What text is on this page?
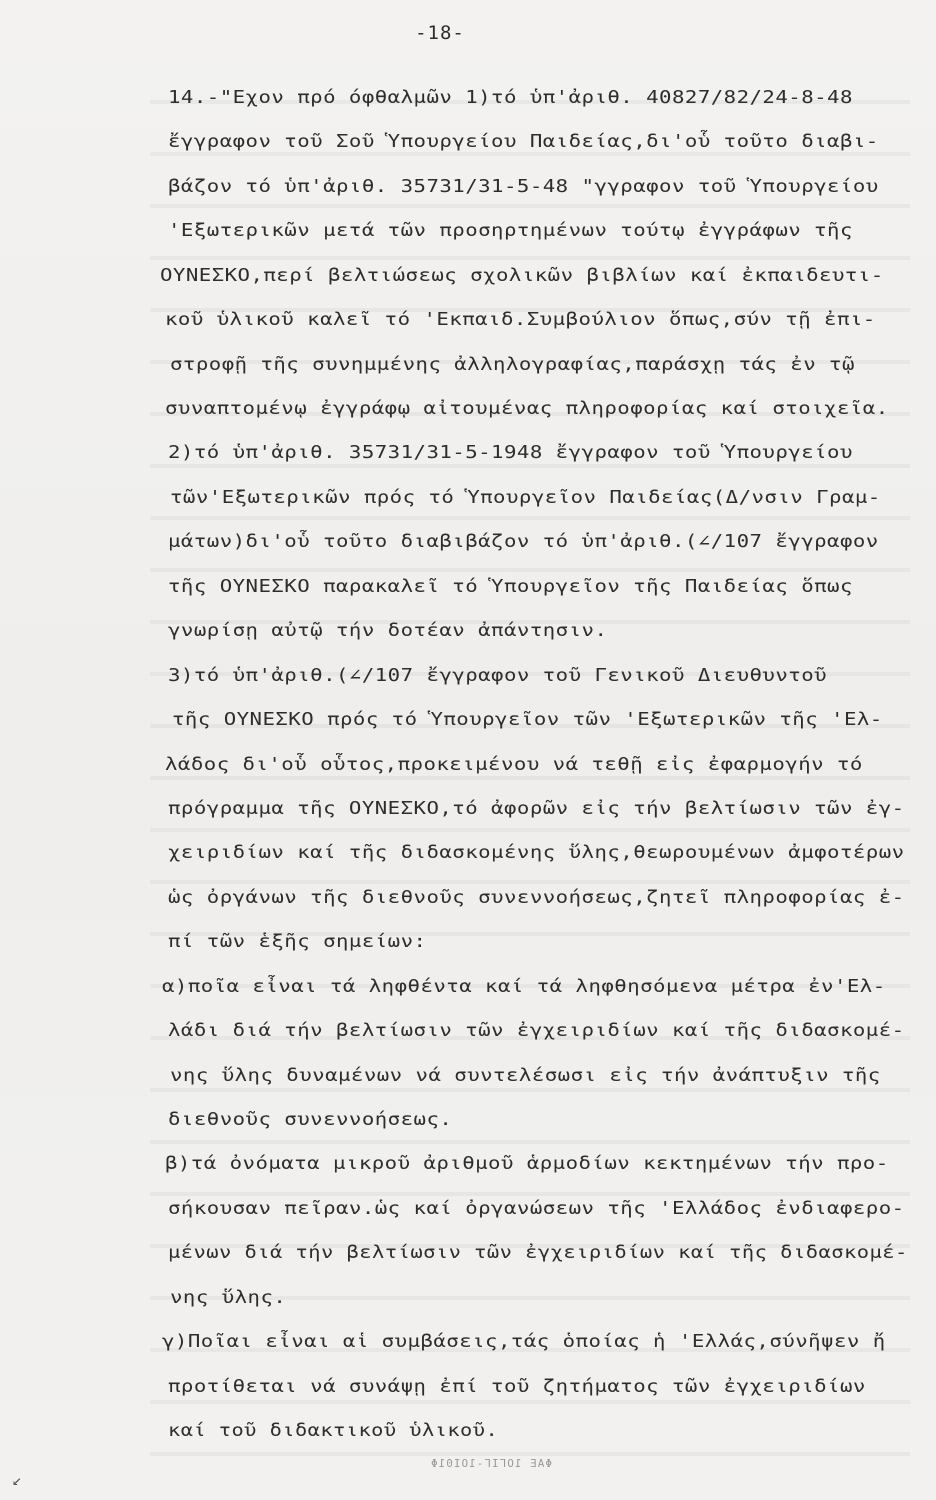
-18-
14.-"Εχον πρό όφθαλμῶν 1)τό ὑπ'ἀριθ. 40827/82/24-8-48
ἔγγραφον τοῦ Σοῦ Ὑπουργείου Παιδείας,δι'οὗ τοῦτο διαβι-
βάζον τό ὑπ'ἀριθ. 35731/31-5-48 "γγραφον τοῦ Ὑπουργείου
'Εξωτερικῶν μετά τῶν προσηρτημένων τούτῳ ἐγγράφων τῆς
ΟΥΝΕΣΚΟ,περί βελτιώσεως σχολικῶν βιβλίων καί ἐκπαιδευτι-
κοῦ ὑλικοῦ καλεῖ τό 'Εκπαιδ.Συμβούλιον ὅπως,σύν τῇ ἐπι-
στροφῇ τῆς συνημμένης ἀλληλογραφίας,παράσχῃ τάς ἐν τῷ
συναπτομένῳ ἐγγράφῳ αἰτουμένας πληροφορίας καί στοιχεῖα.
2)τό ὑπ'ἀριθ. 35731/31-5-1948 ἔγγραφον τοῦ Ὑπουργείου
τῶν'Εξωτερικῶν πρός τό Ὑπουργεῖον Παιδείας(Δ/νσιν Γραμ-
μάτων)δι'οὗ τοῦτο διαβιβάζον τό ὑπ'ἀριθ.(∠/107 ἔγγραφον
τῆς ΟΥΝΕΣΚΟ παρακαλεῖ τό Ὑπουργεῖον τῆς Παιδείας ὅπως
γνωρίσῃ αὐτῷ τήν δοτέαν ἀπάντησιν.
3)τό ὑπ'ἀριθ.(∠/107 ἔγγραφον τοῦ Γενικοῦ Διευθυντοῦ
τῆς ΟΥΝΕΣΚΟ πρός τό Ὑπουργεῖον τῶν 'Εξωτερικῶν τῆς 'Ελ-
λάδος δι'οὗ οὗτος,προκειμένου νά τεθῇ εἰς ἐφαρμογήν τό
πρόγραμμα τῆς ΟΥΝΕΣΚΟ,τό ἀφορῶν εἰς τήν βελτίωσιν τῶν ἐγ-
χειριδίων καί τῆς διδασκομένης ὕλης,θεωρουμένων ἀμφοτέρων
ὡς ὀργάνων τῆς διεθνοῦς συνεννοήσεως,ζητεῖ πληροφορίας ἐ-
πί τῶν ἑξῆς σημείων:
α)ποῖα εἶναι τά ληφθέντα καί τά ληφθησόμενα μέτρα ἐν'Ελ-
λάδι διά τήν βελτίωσιν τῶν ἐγχειριδίων καί τῆς διδασκομέ-
νης ὕλης δυναμένων νά συντελέσωσι εἰς τήν ἀνάπτυξιν τῆς
διεθνοῦς συνεννοήσεως.
β)τά ὀνόματα μικροῦ ἀριθμοῦ ἁρμοδίων κεκτημένων τήν προ-
σήκουσαν πεῖραν.ὡς καί ὀργανώσεων τῆς 'Ελλάδος ἐνδιαφερο-
μένων διά τήν βελτίωσιν τῶν ἐγχειριδίων καί τῆς διδασκομέ-
νης ὕλης.
γ)Ποῖαι εἶναι αἱ συμβάσεις,τάς ὁποίας ἡ 'Ελλάς,σύνῆψεν ἤ
προτίθεται νά συνάψῃ ἐπί τοῦ ζητήματος τῶν ἐγχειριδίων
καί τοῦ διδακτικοῦ ὑλικοῦ.
ΦΑΕ 1ΟΓΙΓ-1ΟΙ01Φ
↙
